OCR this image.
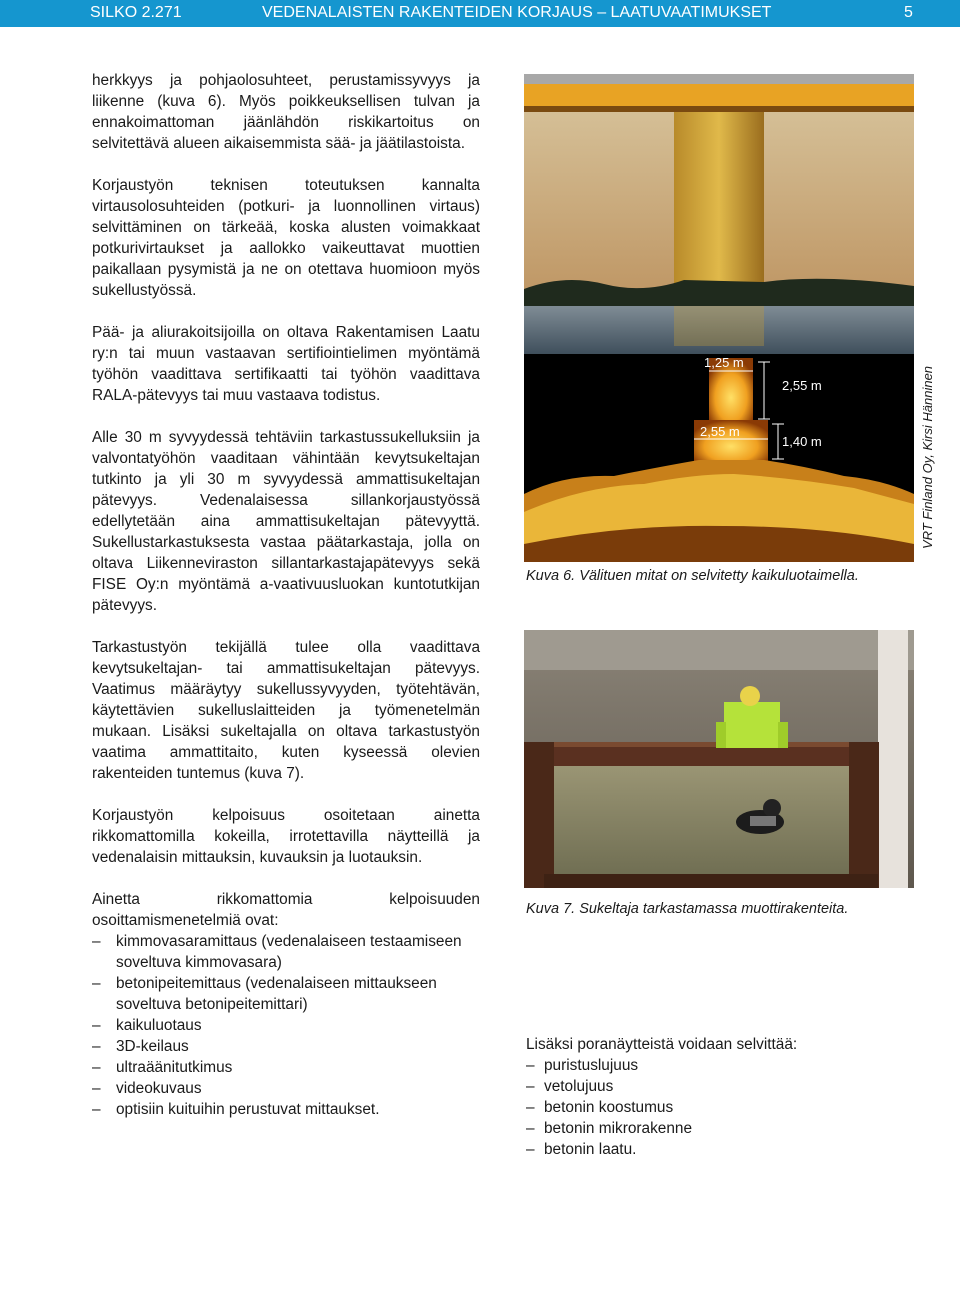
SILKO 2.271	VEDENALAISTEN RAKENTEIDEN KORJAUS – LAATUVAATIMUKSET	5

herkkyys ja pohjaolosuhteet, perustamissyvyys ja liikenne (kuva 6). Myös poikkeuksellisen tulvan ja ennakoimattoman jäänlähdön riskikartoitus on selvitettävä alueen aikaisemmista sää- ja jäätilastoista.

Korjaustyön teknisen toteutuksen kannalta virtausolosuhteiden (potkuri- ja luonnollinen virtaus) selvittäminen on tärkeää, koska alusten voimakkaat potkurivirtaukset ja aallokko vaikeuttavat muottien paikallaan pysymistä ja ne on otettava huomioon myös sukellustyössä.

Pää- ja aliurakoitsijoilla on oltava Rakentamisen Laatu ry:n tai muun vastaavan sertifiointielimen myöntämä työhön vaadittava sertifikaatti tai työhön vaadittava RALA-pätevyys tai muu vastaava todistus.

Alle 30 m syvyydessä tehtäviin tarkastussukelluksiin ja valvontatyöhön vaaditaan vähintään kevytsukeltajan tutkinto ja yli 30 m syvyydessä ammattisukeltajan pätevyys. Vedenalaisessa sillankorjaustyössä edellytetään aina ammattisukeltajan pätevyyttä. Sukellustarkastuksesta vastaa päätarkastaja, jolla on oltava Liikenneviraston sillantarkastajapätevyys sekä FISE Oy:n myöntämä a-vaativuusluokan kuntotutkijan pätevyys.

Tarkastustyön tekijällä tulee olla vaadittava kevytsukeltajan- tai ammattisukeltajan pätevyys. Vaatimus määräytyy sukellussyvyyden, työtehtävän, käytettävien sukelluslaitteiden ja työmenetelmän mukaan. Lisäksi sukeltajalla on oltava tarkastustyön vaatima ammattitaito, kuten kyseessä olevien rakenteiden tuntemus (kuva 7).

Korjaustyön kelpoisuus osoitetaan ainetta rikkomattomilla kokeilla, irrotettavilla näytteillä ja vedenalaisin mittauksin, kuvauksin ja luotauksin.

Ainetta rikkomattomia kelpoisuuden osoittamismenetelmiä ovat:

– kimmovasaramittaus (vedenalaiseen testaamiseen soveltuva kimmovasara)
– betonipeitemittaus (vedenalaiseen mittaukseen soveltuva betonipeitemittari)
– kaikuluotaus
– 3D-keilaus
– ultraäänitutkimus
– videokuvaus
– optisiin kuituihin perustuvat mittaukset.
1,25 m
2,55 m
2,55 m
1,40 m	VRT Finland Oy, Kirsi Hänninen
Kuva 6. Välituen mitat on selvitetty kaikuluotaimella.
Kuva 7. Sukeltaja tarkastamassa muottirakenteita.

Lisäksi poranäytteistä voidaan selvittää:

– puristuslujuus
– vetolujuus
– betonin koostumus
– betonin mikrorakenne
– betonin laatu.
